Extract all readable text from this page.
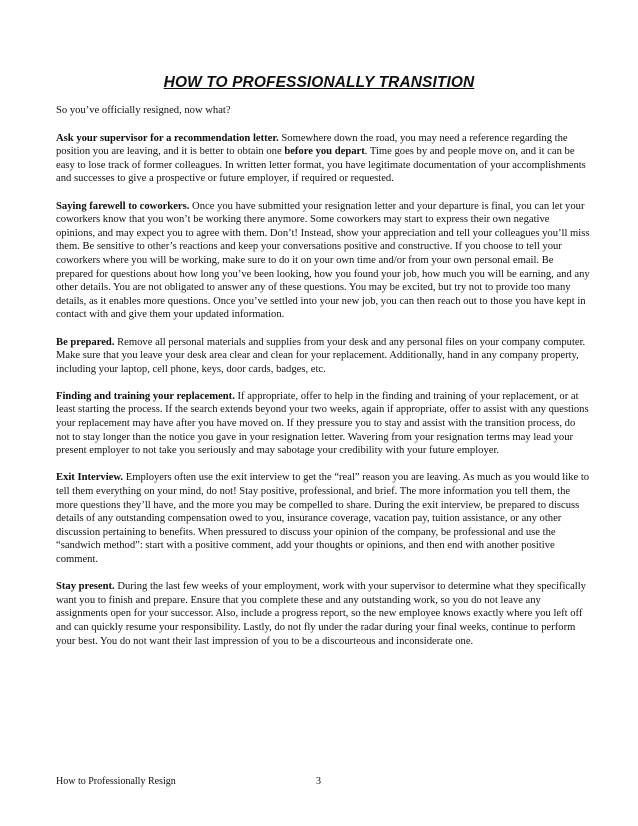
HOW TO PROFESSIONALLY TRANSITION

So you’ve officially resigned, now what?

Ask your supervisor for a recommendation letter. Somewhere down the road, you may need a reference regarding the position you are leaving, and it is better to obtain one before you depart. Time goes by and people move on, and it can be easy to lose track of former colleagues. In written letter format, you have legitimate documentation of your accomplishments and successes to give a prospective or future employer, if required or requested.

Saying farewell to coworkers. Once you have submitted your resignation letter and your departure is final, you can let your coworkers know that you won’t be working there anymore. Some coworkers may start to express their own negative opinions, and may expect you to agree with them. Don’t! Instead, show your appreciation and tell your colleagues you’ll miss them. Be sensitive to other’s reactions and keep your conversations positive and constructive. If you choose to tell your coworkers where you will be working, make sure to do it on your own time and/or from your own personal email. Be prepared for questions about how long you’ve been looking, how you found your job, how much you will be earning, and any other details. You are not obligated to answer any of these questions. You may be excited, but try not to provide too many details, as it enables more questions. Once you’ve settled into your new job, you can then reach out to those you have kept in contact with and give them your updated information.

Be prepared. Remove all personal materials and supplies from your desk and any personal files on your company computer. Make sure that you leave your desk area clear and clean for your replacement. Additionally, hand in any company property, including your laptop, cell phone, keys, door cards, badges, etc.

Finding and training your replacement. If appropriate, offer to help in the finding and training of your replacement, or at least starting the process. If the search extends beyond your two weeks, again if appropriate, offer to assist with any questions your replacement may have after you have moved on. If they pressure you to stay and assist with the transition process, do not to stay longer than the notice you gave in your resignation letter. Wavering from your resignation terms may lead your present employer to not take you seriously and may sabotage your credibility with your future employer.

Exit Interview. Employers often use the exit interview to get the “real” reason you are leaving. As much as you would like to tell them everything on your mind, do not! Stay positive, professional, and brief. The more information you tell them, the more questions they’ll have, and the more you may be compelled to share. During the exit interview, be prepared to discuss details of any outstanding compensation owed to you, insurance coverage, vacation pay, tuition assistance, or any other discussion pertaining to benefits. When pressured to discuss your opinion of the company, be professional and use the “sandwich method”: start with a positive comment, add your thoughts or opinions, and then end with another positive comment.

Stay present. During the last few weeks of your employment, work with your supervisor to determine what they specifically want you to finish and prepare. Ensure that you complete these and any outstanding work, so you do not leave any assignments open for your successor. Also, include a progress report, so the new employee knows exactly where you left off and can quickly resume your responsibility. Lastly, do not fly under the radar during your final weeks, continue to perform your best. You do not want their last impression of you to be a discourteous and inconsiderate one.

How to Professionally Resign	3
